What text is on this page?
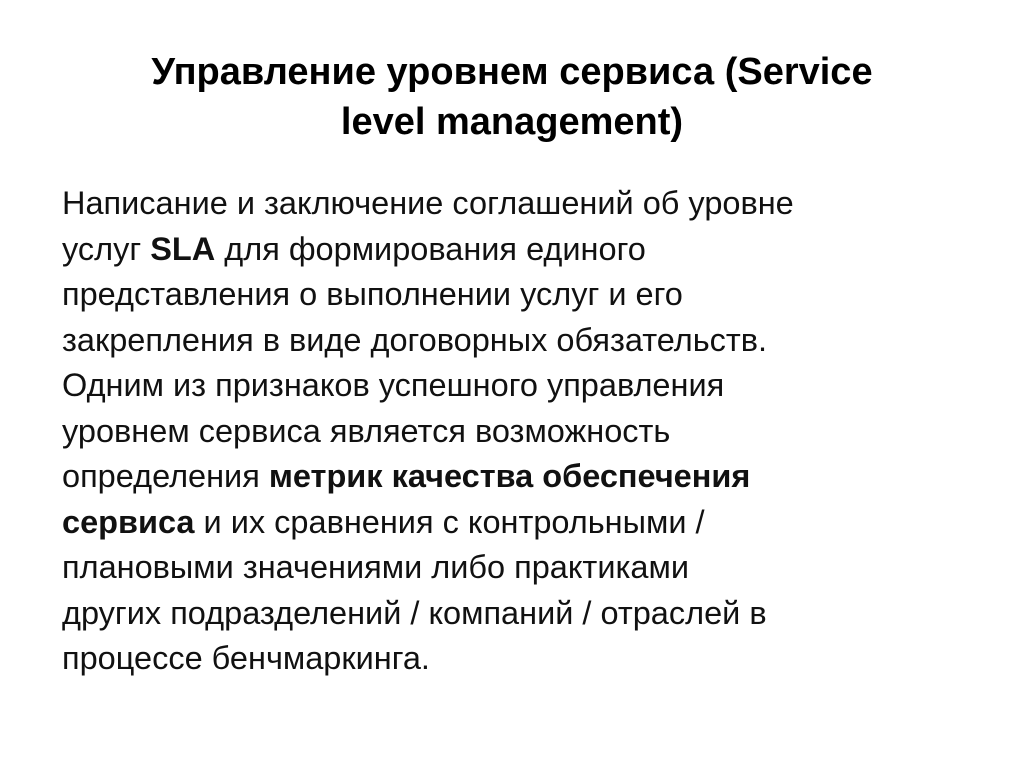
Управление уровнем сервиса (Service
level management)

Написание и заключение соглашений об уровне
услуг SLA для формирования единого
представления о выполнении услуг и его
закрепления в виде договорных обязательств.
Одним из признаков успешного управления
уровнем сервиса является возможность
определения метрик качества обеспечения
сервиса и их сравнения с контрольными /
плановыми значениями либо практиками
других подразделений / компаний / отраслей в
процессе бенчмаркинга.
